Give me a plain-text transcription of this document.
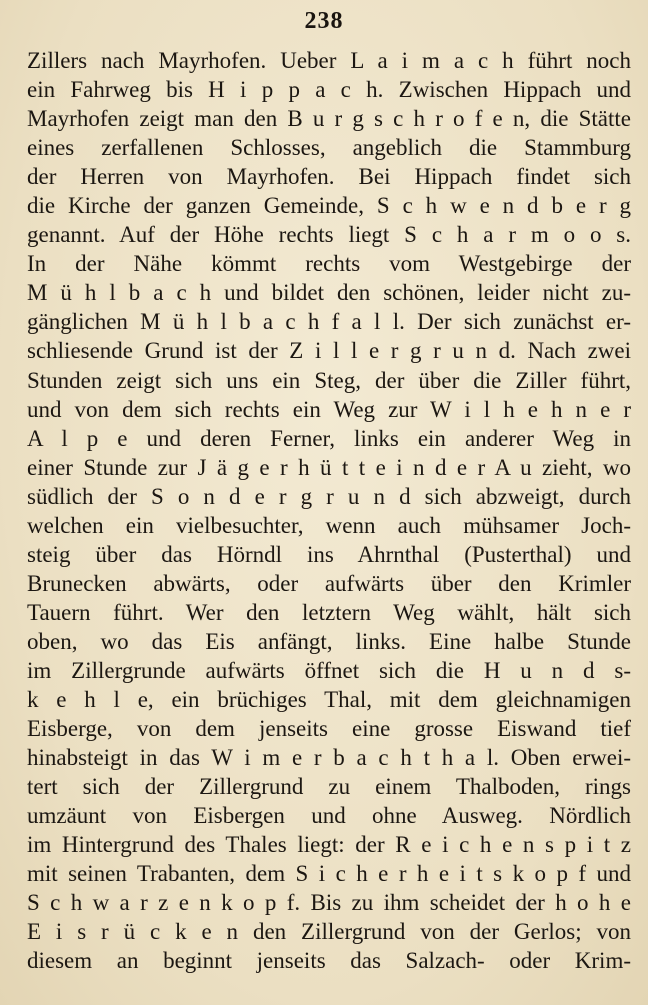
238
Zillers nach Mayrhofen. Ueber L a i m a c h führt noch
ein Fahrweg bis H i p p a c h. Zwischen Hippach und
Mayrhofen zeigt man den B u r g s c h r o f e n, die Stätte
eines zerfallenen Schlosses, angeblich die Stammburg
der Herren von Mayrhofen. Bei Hippach findet sich
die Kirche der ganzen Gemeinde, S c h w e n d b e r g
genannt. Auf der Höhe rechts liegt S c h a r m o o s.
In der Nähe kömmt rechts vom Westgebirge der
M ü h l b a c h und bildet den schönen, leider nicht zu-
gänglichen M ü h l b a c h f a l l. Der sich zunächst er-
schliesende Grund ist der Z i l l e r g r u n d. Nach zwei
Stunden zeigt sich uns ein Steg, der über die Ziller führt,
und von dem sich rechts ein Weg zur W i l h e h n e r
A l p e und deren Ferner, links ein anderer Weg in
einer Stunde zur J ä g e r h ü t t e i n d e r A u zieht, wo
südlich der S o n d e r g r u n d sich abzweigt, durch
welchen ein vielbesuchter, wenn auch mühsamer Joch-
steig über das Hörndl ins Ahrnthal (Pusterthal) und
Brunecken abwärts, oder aufwärts über den Krimler
Tauern führt. Wer den letztern Weg wählt, hält sich
oben, wo das Eis anfängt, links. Eine halbe Stunde
im Zillergrunde aufwärts öffnet sich die H u n d s-
k e h l e, ein brüchiges Thal, mit dem gleichnamigen
Eisberge, von dem jenseits eine grosse Eiswand tief
hinabsteigt in das W i m e r b a c h t h a l. Oben erwei-
tert sich der Zillergrund zu einem Thalboden, rings
umzäunt von Eisbergen und ohne Ausweg. Nördlich
im Hintergrund des Thales liegt: der R e i c h e n s p i t z
mit seinen Trabanten, dem S i c h e r h e i t s k o p f und
S c h w a r z e n k o p f. Bis zu ihm scheidet der h o h e
E i s r ü c k e n den Zillergrund von der Gerlos; von
diesem an beginnt jenseits das Salzach- oder Krim-
